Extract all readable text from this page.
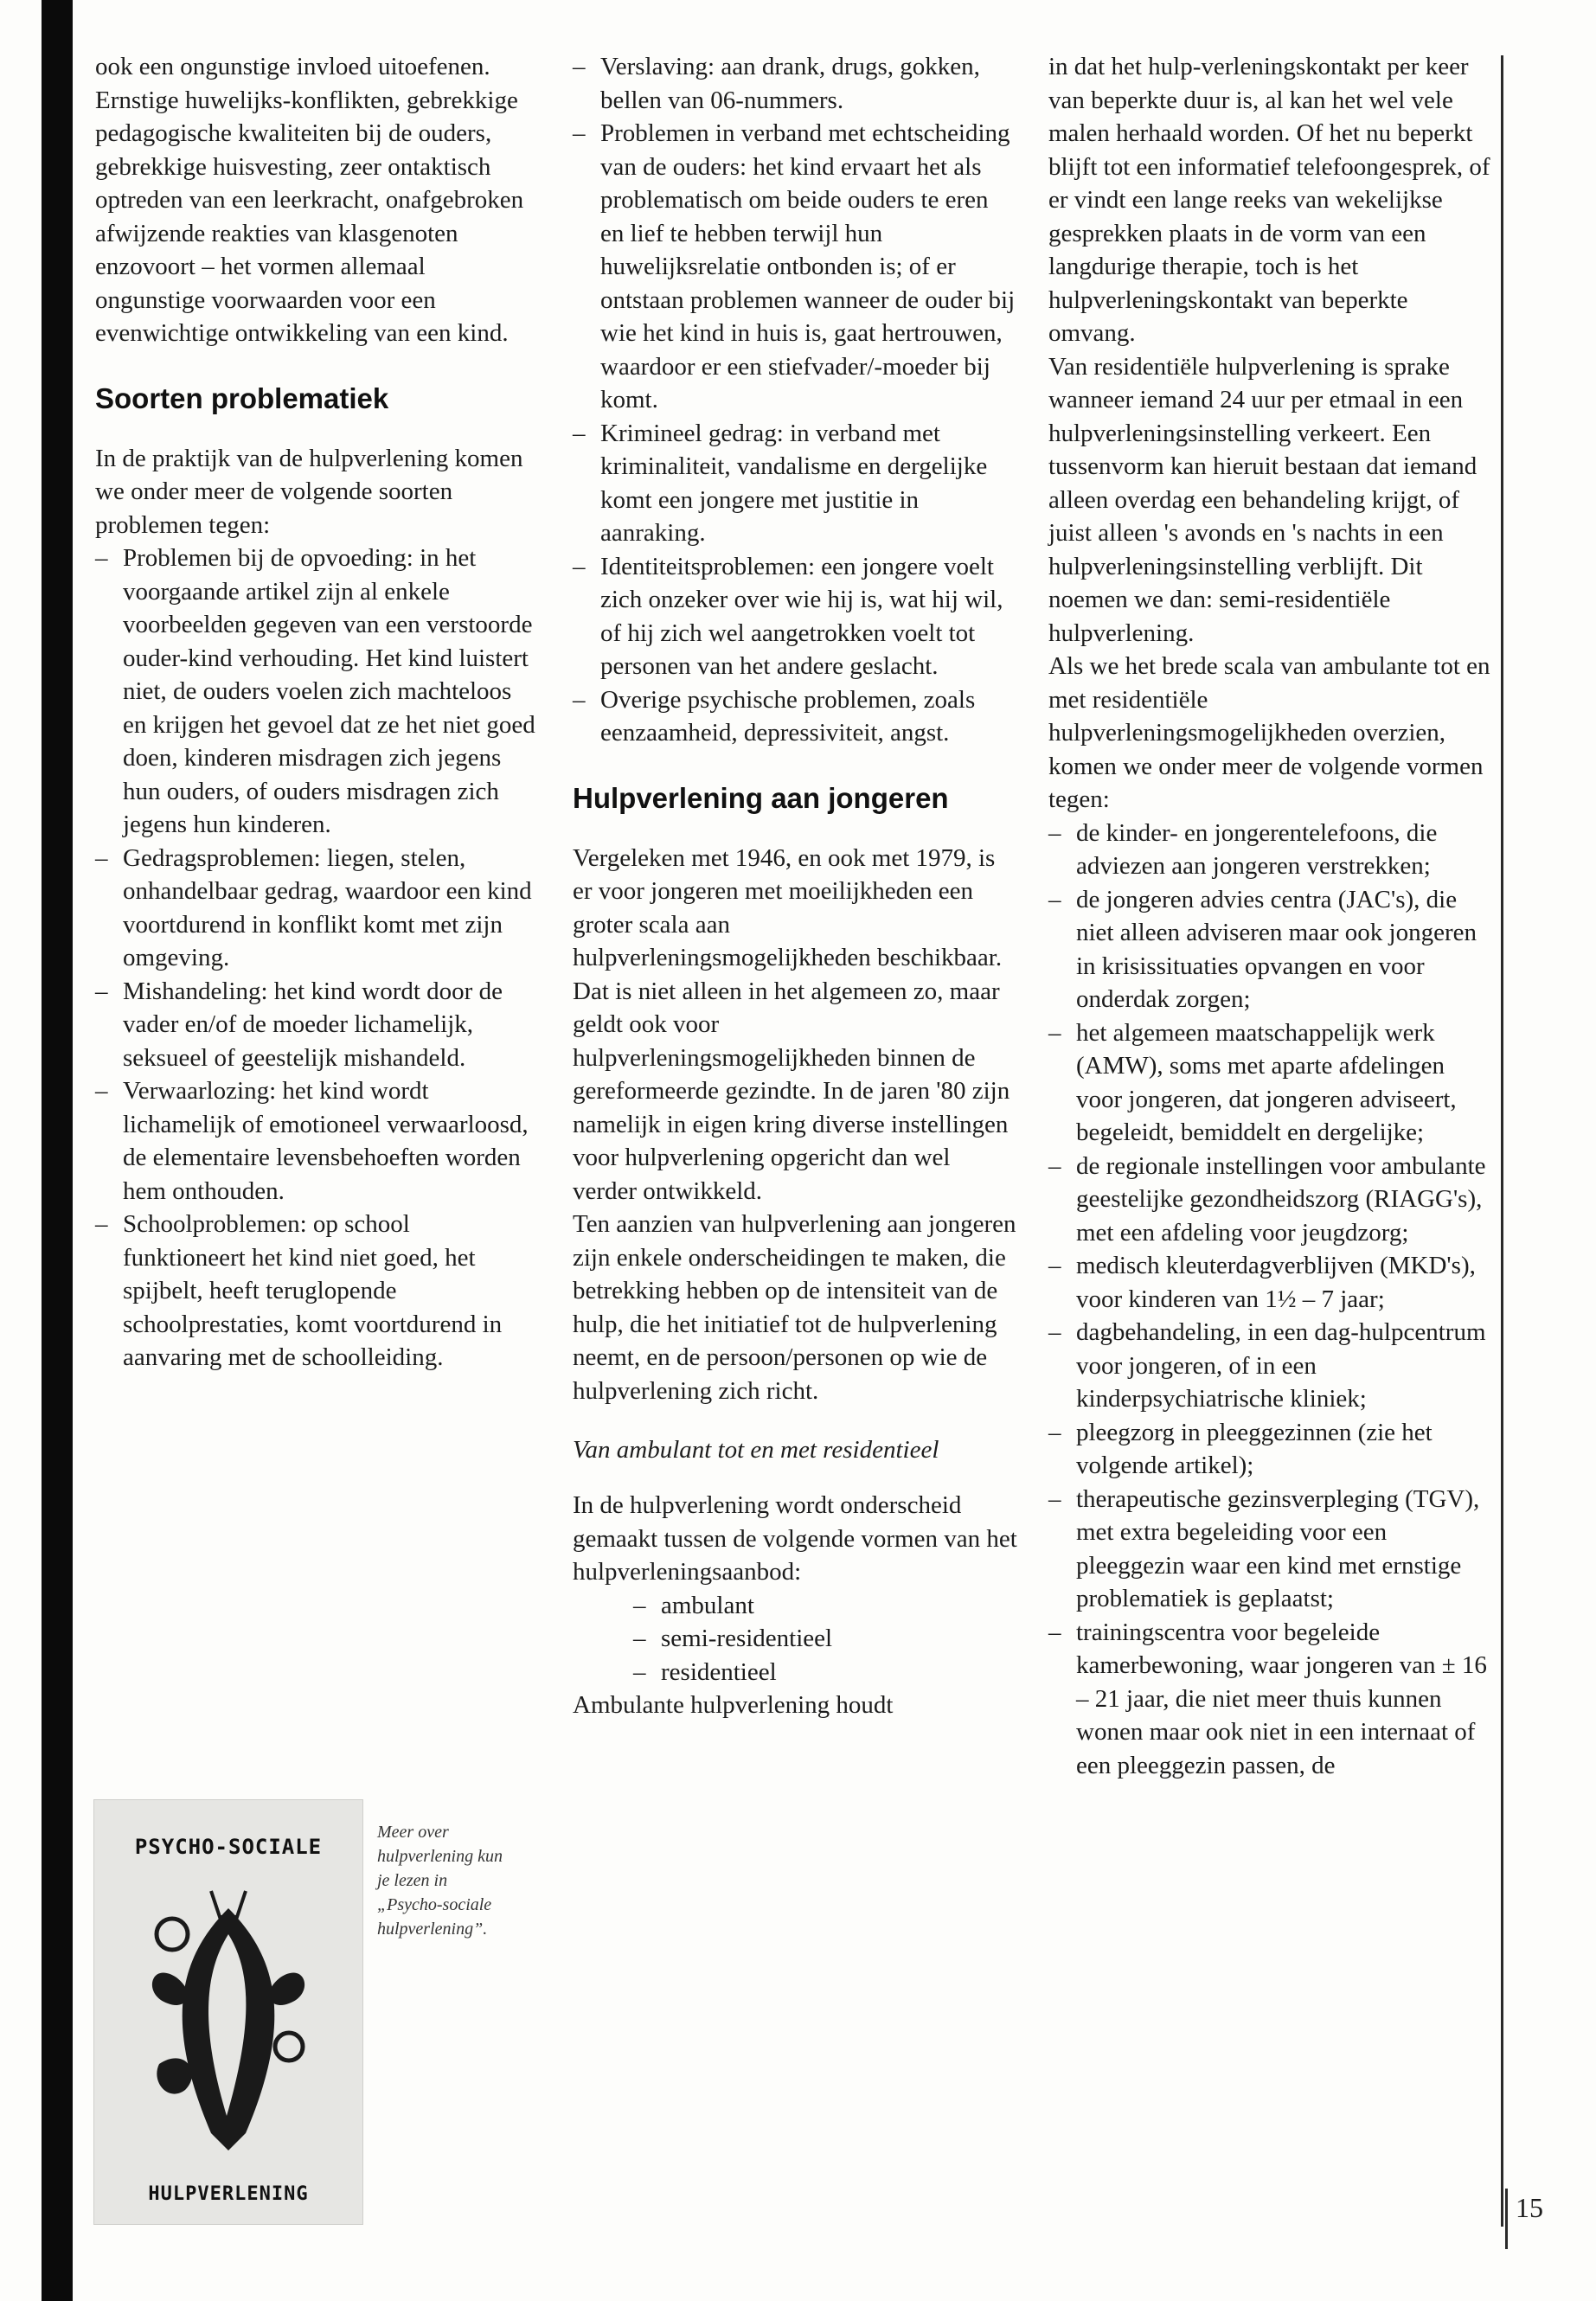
ook een ongunstige invloed uitoefenen. Ernstige huwelijks-konflikten, gebrekkige pedagogische kwaliteiten bij de ouders, gebrekkige huisvesting, zeer ontaktisch optreden van een leerkracht, onafgebroken afwijzende reakties van klasgenoten enzovoort – het vormen allemaal ongunstige voorwaarden voor een evenwichtige ontwikkeling van een kind.

Soorten problematiek

In de praktijk van de hulpverlening komen we onder meer de volgende soorten problemen tegen:

– Problemen bij de opvoeding: in het voorgaande artikel zijn al enkele voorbeelden gegeven van een verstoorde ouder-kind verhouding. Het kind luistert niet, de ouders voelen zich machteloos en krijgen het gevoel dat ze het niet goed doen, kinderen misdragen zich jegens hun ouders, of ouders misdragen zich jegens hun kinderen.
– Gedragsproblemen: liegen, stelen, onhandelbaar gedrag, waardoor een kind voortdurend in konflikt komt met zijn omgeving.
– Mishandeling: het kind wordt door de vader en/of de moeder lichamelijk, seksueel of geestelijk mishandeld.
– Verwaarlozing: het kind wordt lichamelijk of emotioneel verwaarloosd, de elementaire levensbehoeften worden hem onthouden.
– Schoolproblemen: op school funktioneert het kind niet goed, het spijbelt, heeft teruglopende schoolprestaties, komt voortdurend in aanvaring met de schoolleiding.
– Verslaving: aan drank, drugs, gokken, bellen van 06-nummers.
– Problemen in verband met echtscheiding van de ouders: het kind ervaart het als problematisch om beide ouders te eren en lief te hebben terwijl hun huwelijksrelatie ontbonden is; of er ontstaan problemen wanneer de ouder bij wie het kind in huis is, gaat hertrouwen, waardoor er een stiefvader/-moeder bij komt.
– Krimineel gedrag: in verband met kriminaliteit, vandalisme en dergelijke komt een jongere met justitie in aanraking.
– Identiteitsproblemen: een jongere voelt zich onzeker over wie hij is, wat hij wil, of hij zich wel aangetrokken voelt tot personen van het andere geslacht.
– Overige psychische problemen, zoals eenzaamheid, depressiviteit, angst.
Hulpverlening aan jongeren

Vergeleken met 1946, en ook met 1979, is er voor jongeren met moeilijkheden een groter scala aan hulpverleningsmogelijkheden beschikbaar. Dat is niet alleen in het algemeen zo, maar geldt ook voor hulpverleningsmogelijkheden binnen de gereformeerde gezindte. In de jaren '80 zijn namelijk in eigen kring diverse instellingen voor hulpverlening opgericht dan wel verder ontwikkeld.

Ten aanzien van hulpverlening aan jongeren zijn enkele onderscheidingen te maken, die betrekking hebben op de intensiteit van de hulp, die het initiatief tot de hulpverlening neemt, en de persoon/personen op wie de hulpverlening zich richt.

Van ambulant tot en met residentieel

In de hulpverlening wordt onderscheid gemaakt tussen de volgende vormen van het hulpverleningsaanbod:

– ambulant
– semi-residentieel
– residentieel

Ambulante hulpverlening houdt

in dat het hulp-verleningskontakt per keer van beperkte duur is, al kan het wel vele malen herhaald worden. Of het nu beperkt blijft tot een informatief telefoongesprek, of er vindt een lange reeks van wekelijkse gesprekken plaats in de vorm van een langdurige therapie, toch is het hulpverleningskontakt van beperkte omvang.

Van residentiële hulpverlening is sprake wanneer iemand 24 uur per etmaal in een hulpverleningsinstelling verkeert. Een tussenvorm kan hieruit bestaan dat iemand alleen overdag een behandeling krijgt, of juist alleen 's avonds en 's nachts in een hulpverleningsinstelling verblijft. Dit noemen we dan: semi-residentiële hulpverlening.

Als we het brede scala van ambulante tot en met residentiële hulpverleningsmogelijkheden overzien, komen we onder meer de volgende vormen tegen:

– de kinder- en jongerentelefoons, die adviezen aan jongeren verstrekken;
– de jongeren advies centra (JAC's), die niet alleen adviseren maar ook jongeren in krisissituaties opvangen en voor onderdak zorgen;
– het algemeen maatschappelijk werk (AMW), soms met aparte afdelingen voor jongeren, dat jongeren adviseert, begeleidt, bemiddelt en dergelijke;
– de regionale instellingen voor ambulante geestelijke gezondheidszorg (RIAGG's), met een afdeling voor jeugdzorg;
– medisch kleuterdagverblijven (MKD's), voor kinderen van 1½ – 7 jaar;
– dagbehandeling, in een dag-hulpcentrum voor jongeren, of in een kinderpsychiatrische kliniek;
– pleegzorg in pleeggezinnen (zie het volgende artikel);
– therapeutische gezinsverpleging (TGV), met extra begeleiding voor een pleeggezin waar een kind met ernstige problematiek is geplaatst;
– trainingscentra voor begeleide kamerbewoning, waar jongeren van ± 16 – 21 jaar, die niet meer thuis kunnen wonen maar ook niet in een internaat of een pleeggezin passen, de
PSYCHO-SOCIALE
HULPVERLENING
Meer over hulpverlening kun je lezen in „Psycho-sociale hulpverlening”.
15
